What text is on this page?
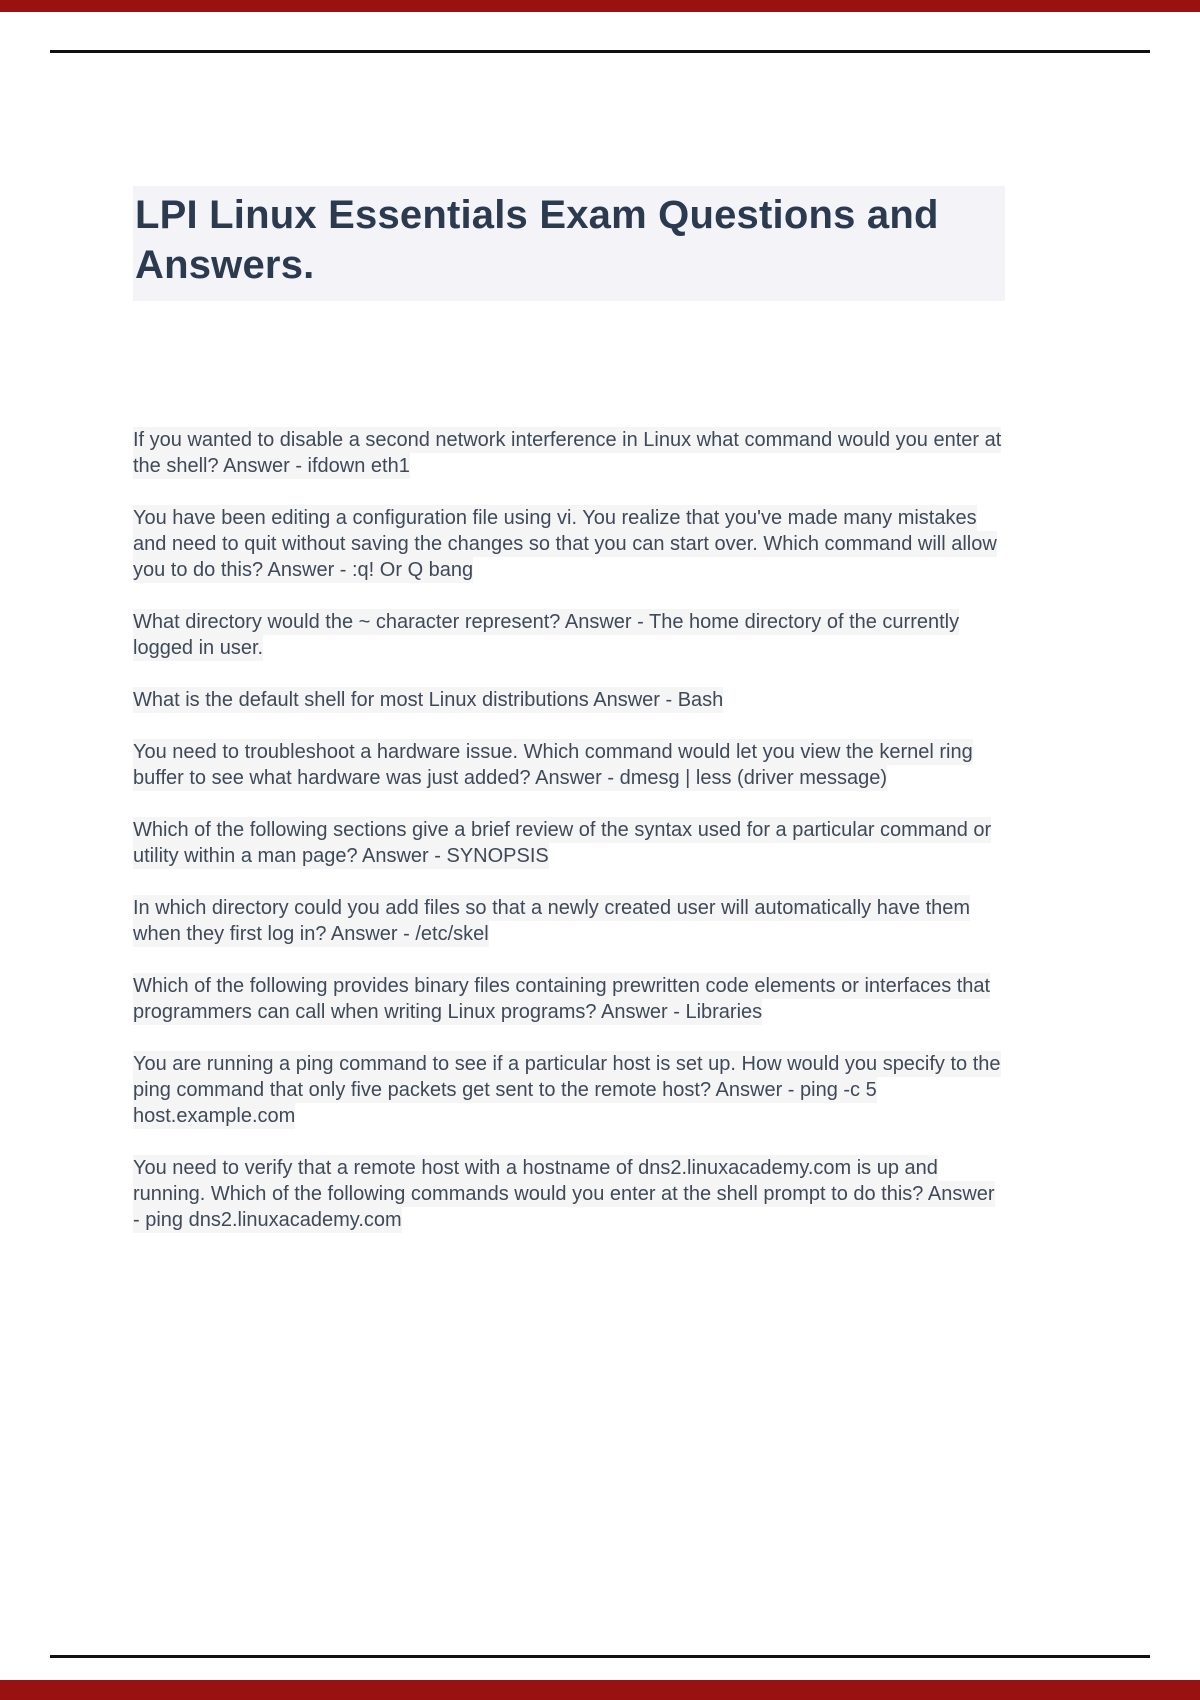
LPI Linux Essentials Exam Questions and Answers.

If you wanted to disable a second network interference in Linux what command would you enter at the shell? Answer - ifdown eth1

You have been editing a configuration file using vi. You realize that you've made many mistakes and need to quit without saving the changes so that you can start over. Which command will allow you to do this? Answer - :q! Or Q bang

What directory would the ~ character represent? Answer - The home directory of the currently logged in user.

What is the default shell for most Linux distributions Answer - Bash

You need to troubleshoot a hardware issue. Which command would let you view the kernel ring buffer to see what hardware was just added? Answer - dmesg | less (driver message)

Which of the following sections give a brief review of the syntax used for a particular command or utility within a man page? Answer - SYNOPSIS

In which directory could you add files so that a newly created user will automatically have them when they first log in? Answer - /etc/skel

Which of the following provides binary files containing prewritten code elements or interfaces that programmers can call when writing Linux programs? Answer - Libraries

You are running a ping command to see if a particular host is set up. How would you specify to the ping command that only five packets get sent to the remote host? Answer - ping -c 5 host.example.com

You need to verify that a remote host with a hostname of dns2.linuxacademy.com is up and running. Which of the following commands would you enter at the shell prompt to do this? Answer - ping dns2.linuxacademy.com
